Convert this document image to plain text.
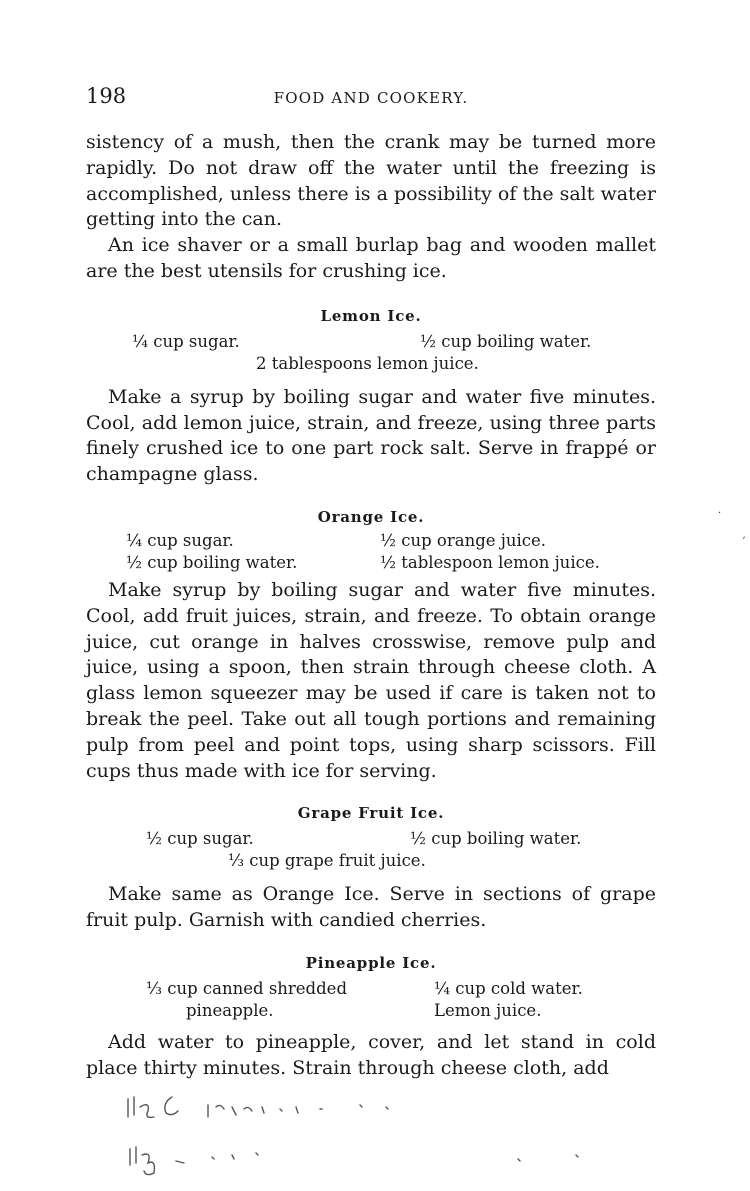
198	FOOD AND COOKERY.

sistency of a mush, then the crank may be turned more rapidly. Do not draw off the water until the freezing is accomplished, unless there is a possibility of the salt water getting into the can.

An ice shaver or a small burlap bag and wooden mallet are the best utensils for crushing ice.

Lemon Ice.
¼ cup sugar.	½ cup boiling water.
2 tablespoons lemon juice.

Make a syrup by boiling sugar and water five minutes. Cool, add lemon juice, strain, and freeze, using three parts finely crushed ice to one part rock salt. Serve in frappé or champagne glass.

Orange Ice.
¼ cup sugar.	½ cup orange juice.
½ cup boiling water.	½ tablespoon lemon juice.

Make syrup by boiling sugar and water five minutes. Cool, add fruit juices, strain, and freeze. To obtain orange juice, cut orange in halves crosswise, remove pulp and juice, using a spoon, then strain through cheese cloth. A glass lemon squeezer may be used if care is taken not to break the peel. Take out all tough portions and remaining pulp from peel and point tops, using sharp scissors. Fill cups thus made with ice for serving.

Grape Fruit Ice.
½ cup sugar.	½ cup boiling water.
⅓ cup grape fruit juice.

Make same as Orange Ice. Serve in sections of grape fruit pulp. Garnish with candied cherries.

Pineapple Ice.
⅓ cup canned shredded	¼ cup cold water.
pineapple.	Lemon juice.

Add water to pineapple, cover, and let stand in cold place thirty minutes. Strain through cheese cloth, add

·
ʼ
